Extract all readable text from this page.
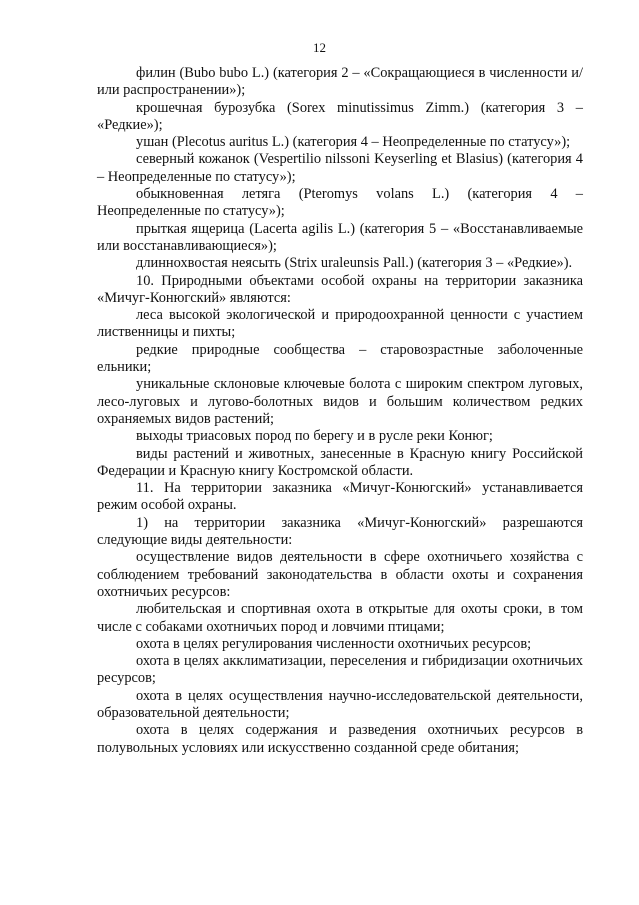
12

филин (Bubo bubo L.) (категория 2 – «Сокращающиеся в численности и/или распространении»);

крошечная бурозубка (Sorex minutissimus Zimm.) (категория 3 – «Редкие»);

ушан (Plecotus auritus L.) (категория 4 – Неопределенные по статусу»);

северный кожанок (Vespertilio nilssoni Keyserling et Blasius) (категория 4 – Неопределенные по статусу»);

обыкновенная летяга (Pteromys volans L.) (категория 4 – Неопределенные по статусу»);

прыткая ящерица (Lacerta agilis L.) (категория 5 – «Восстанавливаемые или восстанавливающиеся»);

длиннохвостая неясыть (Strix uraleunsis Pall.) (категория 3 – «Редкие»).

10. Природными объектами особой охраны на территории заказника «Мичуг-Конюгский» являются:

леса высокой экологической и природоохранной ценности с участием лиственницы и пихты;

редкие природные сообщества – старовозрастные заболоченные ельники;

уникальные склоновые ключевые болота с широким спектром луговых, лесо-луговых и лугово-болотных видов и большим количеством редких охраняемых видов растений;

выходы триасовых пород по берегу и в русле реки Конюг;

виды растений и животных, занесенные в Красную книгу Российской Федерации и Красную книгу Костромской области.

11. На территории заказника «Мичуг-Конюгский» устанавливается режим особой охраны.

1) на территории заказника «Мичуг-Конюгский» разрешаются следующие виды деятельности:

осуществление видов деятельности в сфере охотничьего хозяйства с соблюдением требований законодательства в области охоты и сохранения охотничьих ресурсов:

любительская и спортивная охота в открытые для охоты сроки, в том числе с собаками охотничьих пород и ловчими птицами;

охота в целях регулирования численности охотничьих ресурсов;

охота в целях акклиматизации, переселения и гибридизации охотничьих ресурсов;

охота в целях осуществления научно-исследовательской деятельности, образовательной деятельности;

охота в целях содержания и разведения охотничьих ресурсов в полувольных условиях или искусственно созданной среде обитания;
